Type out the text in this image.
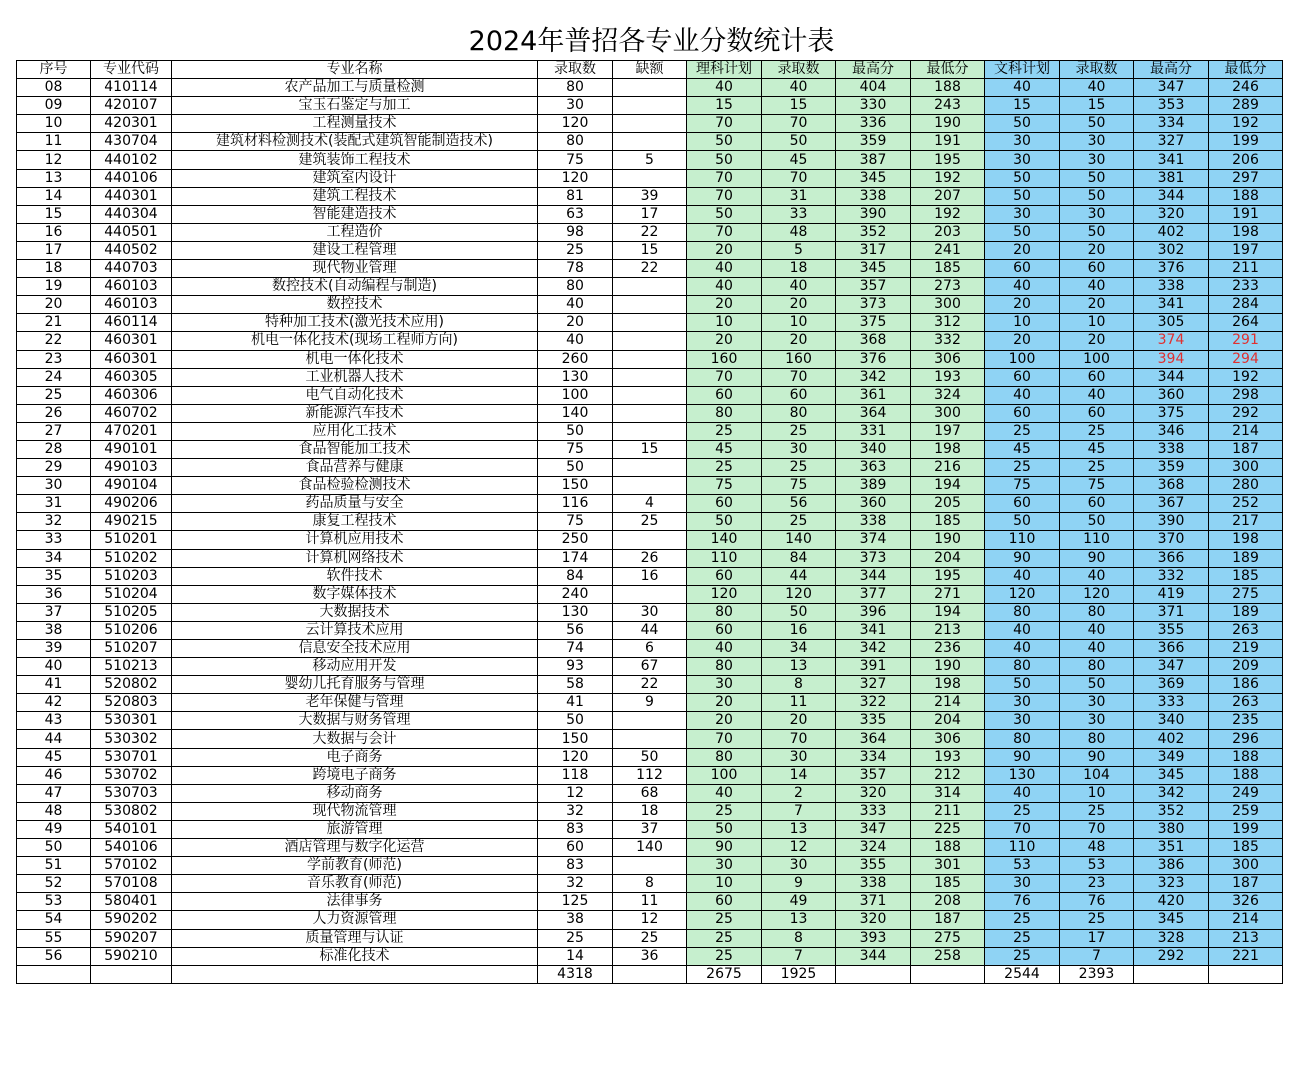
2024年普招各专业分数统计表
序号	专业代码	专业名称	录取数	缺额	理科计划	录取数	最高分	最低分	文科计划	录取数	最高分	最低分
08	410114	农产品加工与质量检测	80		40	40	404	188	40	40	347	246
09	420107	宝玉石鉴定与加工	30		15	15	330	243	15	15	353	289
10	420301	工程测量技术	120		70	70	336	190	50	50	334	192
11	430704	建筑材料检测技术(装配式建筑智能制造技术)	80		50	50	359	191	30	30	327	199
12	440102	建筑装饰工程技术	75	5	50	45	387	195	30	30	341	206
13	440106	建筑室内设计	120		70	70	345	192	50	50	381	297
14	440301	建筑工程技术	81	39	70	31	338	207	50	50	344	188
15	440304	智能建造技术	63	17	50	33	390	192	30	30	320	191
16	440501	工程造价	98	22	70	48	352	203	50	50	402	198
17	440502	建设工程管理	25	15	20	5	317	241	20	20	302	197
18	440703	现代物业管理	78	22	40	18	345	185	60	60	376	211
19	460103	数控技术(自动编程与制造)	80		40	40	357	273	40	40	338	233
20	460103	数控技术	40		20	20	373	300	20	20	341	284
21	460114	特种加工技术(激光技术应用)	20		10	10	375	312	10	10	305	264
22	460301	机电一体化技术(现场工程师方向)	40		20	20	368	332	20	20	374	291
23	460301	机电一体化技术	260		160	160	376	306	100	100	394	294
24	460305	工业机器人技术	130		70	70	342	193	60	60	344	192
25	460306	电气自动化技术	100		60	60	361	324	40	40	360	298
26	460702	新能源汽车技术	140		80	80	364	300	60	60	375	292
27	470201	应用化工技术	50		25	25	331	197	25	25	346	214
28	490101	食品智能加工技术	75	15	45	30	340	198	45	45	338	187
29	490103	食品营养与健康	50		25	25	363	216	25	25	359	300
30	490104	食品检验检测技术	150		75	75	389	194	75	75	368	280
31	490206	药品质量与安全	116	4	60	56	360	205	60	60	367	252
32	490215	康复工程技术	75	25	50	25	338	185	50	50	390	217
33	510201	计算机应用技术	250		140	140	374	190	110	110	370	198
34	510202	计算机网络技术	174	26	110	84	373	204	90	90	366	189
35	510203	软件技术	84	16	60	44	344	195	40	40	332	185
36	510204	数字媒体技术	240		120	120	377	271	120	120	419	275
37	510205	大数据技术	130	30	80	50	396	194	80	80	371	189
38	510206	云计算技术应用	56	44	60	16	341	213	40	40	355	263
39	510207	信息安全技术应用	74	6	40	34	342	236	40	40	366	219
40	510213	移动应用开发	93	67	80	13	391	190	80	80	347	209
41	520802	婴幼儿托育服务与管理	58	22	30	8	327	198	50	50	369	186
42	520803	老年保健与管理	41	9	20	11	322	214	30	30	333	263
43	530301	大数据与财务管理	50		20	20	335	204	30	30	340	235
44	530302	大数据与会计	150		70	70	364	306	80	80	402	296
45	530701	电子商务	120	50	80	30	334	193	90	90	349	188
46	530702	跨境电子商务	118	112	100	14	357	212	130	104	345	188
47	530703	移动商务	12	68	40	2	320	314	40	10	342	249
48	530802	现代物流管理	32	18	25	7	333	211	25	25	352	259
49	540101	旅游管理	83	37	50	13	347	225	70	70	380	199
50	540106	酒店管理与数字化运营	60	140	90	12	324	188	110	48	351	185
51	570102	学前教育(师范)	83		30	30	355	301	53	53	386	300
52	570108	音乐教育(师范)	32	8	10	9	338	185	30	23	323	187
53	580401	法律事务	125	11	60	49	371	208	76	76	420	326
54	590202	人力资源管理	38	12	25	13	320	187	25	25	345	214
55	590207	质量管理与认证	25	25	25	8	393	275	25	17	328	213
56	590210	标准化技术	14	36	25	7	344	258	25	7	292	221
			4318		2675	1925			2544	2393		
